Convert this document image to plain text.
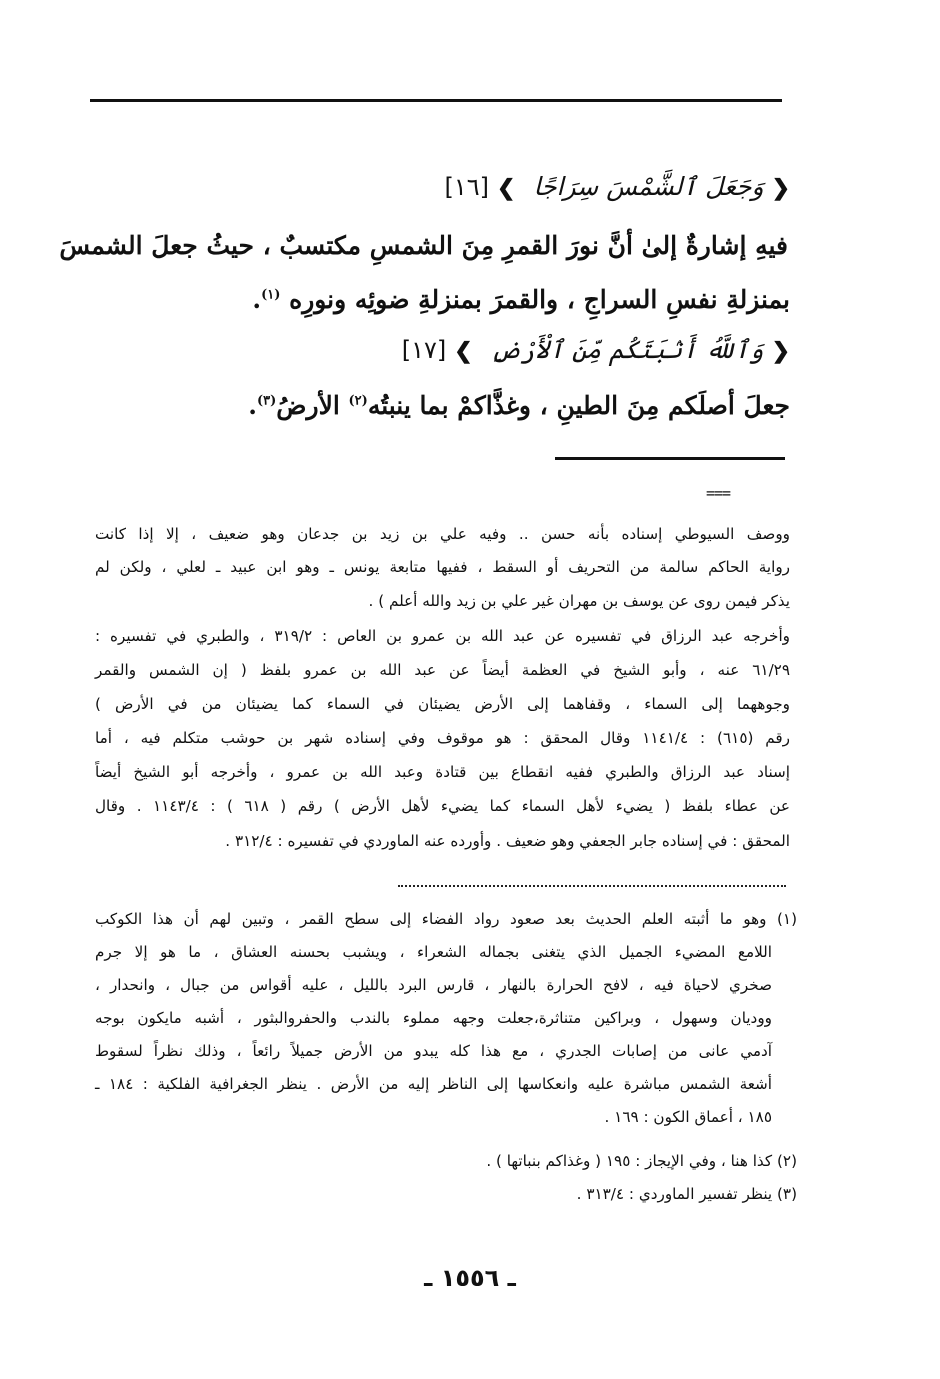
❮وَجَعَلَ ٱلشَّمْسَ سِرَاجًا❯[١٦]
فيهِ إشارةٌ إلىٰ أنَّ نورَ القمرِ مِنَ الشمسِ مكتسبٌ ، حيثُ جعلَ الشمسَ
بمنزلةِ نفسِ السراجِ ، والقمرَ بمنزلةِ ضوئِه ونورِه $^{(١)}$.
❮وَٱللَّهُ أَنۢبَتَكُم مِّنَ ٱلْأَرْضِ❯[١٧]
جعلَ أصلَكم مِنَ الطينِ ، وغذَّاكمْ بما ينبتُه$^{(٢)}$ الأرضُ$^{(٣)}$.
===
ووصف السيوطي إسناده بأنه حسن .. وفيه علي بن زيد بن جدعان وهو ضعيف ، إلا إذا كانت
رواية الحاكم سالمة من التحريف أو السقط ، ففيها متابعة يونس ـ وهو ابن عبيد ـ لعلي ، ولكن لم
يذكر فيمن روى عن يوسف بن مهران غير علي بن زيد والله أعلم ) .
وأخرجه عبد الرزاق في تفسيره عن عبد الله بن عمرو بن العاص : ٣١٩/٢ ، والطبري في تفسيره :
٦١/٢٩ عنه ، وأبو الشيخ في العظمة أيضاً عن عبد الله بن عمرو بلفظ ( إن الشمس والقمر
وجوههما إلى السماء ، وقفاهما إلى الأرض يضيئان في السماء كما يضيئان من في الأرض )
رقم (٦١٥) : ١١٤١/٤ وقال المحقق : هو موقوف وفي إسناده شهر بن حوشب متكلم فيه ، أما
إسناد عبد الرزاق والطبري ففيه انقطاع بين قتادة وعبد الله بن عمرو ، وأخرجه أبو الشيخ أيضاً
عن عطاء بلفظ ( يضيء لأهل السماء كما يضيء لأهل الأرض ) رقم ( ٦١٨ ) : ١١٤٣/٤ . وقال
المحقق : في إسناده جابر الجعفي وهو ضعيف . وأورده عنه الماوردي في تفسيره : ٣١٢/٤ .
(١) وهو ما أثبته العلم الحديث بعد صعود رواد الفضاء إلى سطح القمر ، وتبين لهم أن هذا الكوكب
اللامع المضيء الجميل الذي يتغنى بجماله الشعراء ، ويشبب بحسنه العشاق ، ما هو إلا جرم
صخري لاحياة فيه ، لافح الحرارة بالنهار ، قارس البرد بالليل ، عليه أقواس من جبال ، وانحدار ،
ووديان وسهول ، وبراكين متناثرة،جعلت وجهه مملوء بالندب والحفروالبثور ، أشبه مايكون بوجه
آدمي عانى من إصابات الجدري ، مع هذا كله يبدو من الأرض جميلاً رائعاً ، وذلك نظراً لسقوط
أشعة الشمس مباشرة عليه وانعكاسها إلى الناظر إليه من الأرض . ينظر الجغرافية الفلكية : ١٨٤ ـ
١٨٥ ، أعماق الكون : ١٦٩ .
(٢) كذا هنا ، وفي الإيجاز : ١٩٥ ( وغذاكم بنباتها ) .
(٣) ينظر تفسير الماوردي : ٣١٣/٤ .
ـ ١٥٥٦ ـ
